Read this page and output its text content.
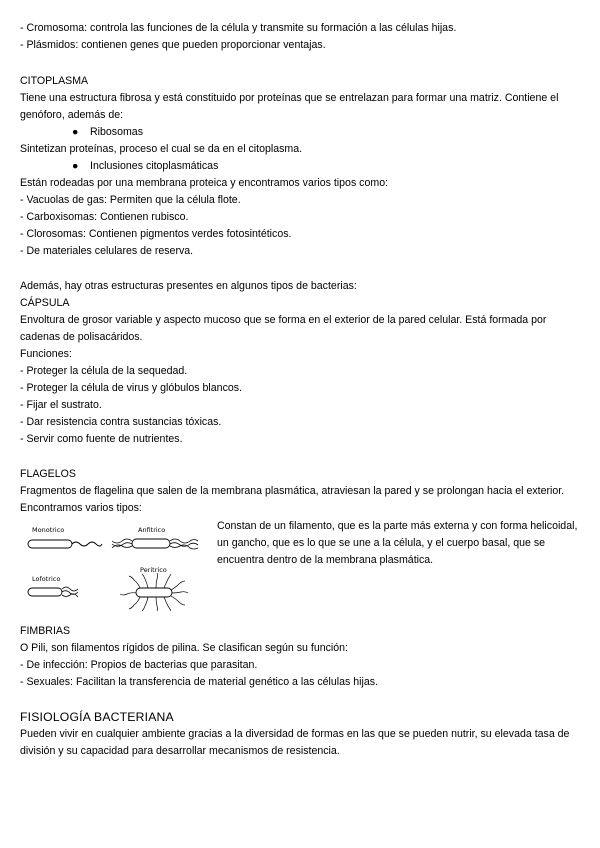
- Cromosoma: controla las funciones de la célula y transmite su formación a las células hijas.
- Plásmidos: contienen genes que pueden proporcionar ventajas.
CITOPLASMA
Tiene una estructura fibrosa y está constituido por proteínas que se entrelazan para formar una matriz. Contiene el genóforo, además de:
● Ribosomas
Sintetizan proteínas, proceso el cual se da en el citoplasma.
● Inclusiones citoplasmáticas
Están rodeadas por una membrana proteica y encontramos varios tipos como:
- Vacuolas de gas: Permiten que la célula flote.
- Carboxisomas: Contienen rubisco.
- Clorosomas: Contienen pigmentos verdes fotosintéticos.
- De materiales celulares de reserva.
Además, hay otras estructuras presentes en algunos tipos de bacterias:
CÁPSULA
Envoltura de grosor variable y aspecto mucoso que se forma en el exterior de la pared celular. Está formada por cadenas de polisacáridos.
Funciones:
- Proteger la célula de la sequedad.
- Proteger la célula de virus y glóbulos blancos.
- Fijar el sustrato.
- Dar resistencia contra sustancias tóxicas.
- Servir como fuente de nutrientes.
FLAGELOS
Fragmentos de flagelina que salen de la membrana plasmática, atraviesan la pared y se prolongan hacia el exterior. Encontramos varios tipos:
Monotrico	Anfitrico
Lofotrico
Peritrico
Constan de un filamento, que es la parte más externa y con forma helicoidal, un gancho, que es lo que se une a la célula, y el cuerpo basal, que se encuentra dentro de la membrana plasmática.
FIMBRIAS
O Pili, son filamentos rígidos de pilina. Se clasifican según su función:
- De infección: Propios de bacterias que parasitan.
- Sexuales: Facilitan la transferencia de material genético a las células hijas.
FISIOLOGÍA BACTERIANA
Pueden vivir en cualquier ambiente gracias a la diversidad de formas en las que se pueden nutrir, su elevada tasa de división y su capacidad para desarrollar mecanismos de resistencia.
